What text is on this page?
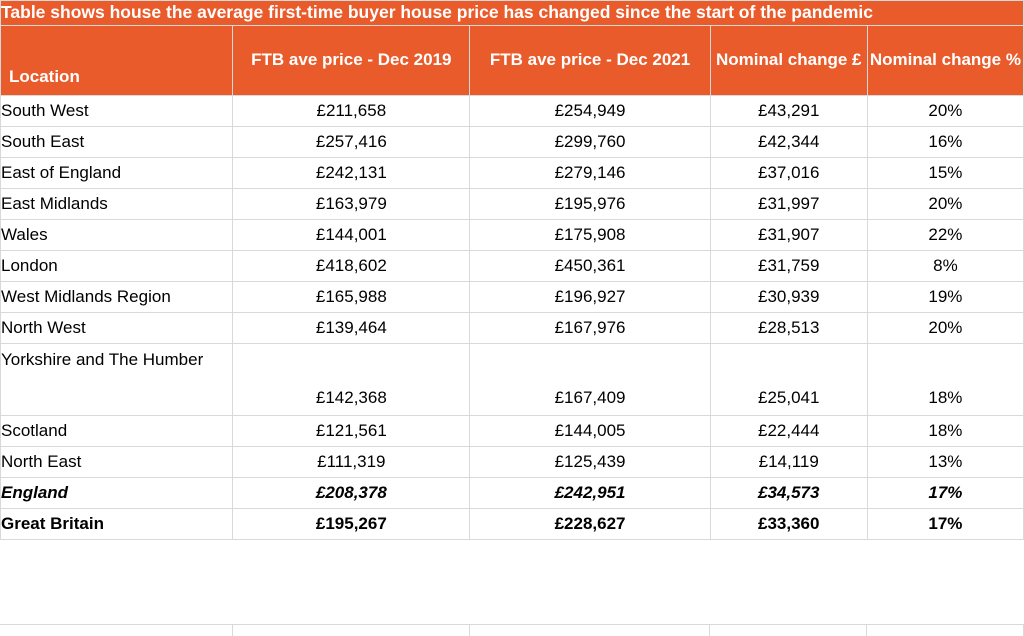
Table shows house the average first-time buyer house price has changed since the start of the pandemic				
Location	FTB ave price - Dec 2019	FTB ave price - Dec 2021	Nominal change £	Nominal change %
South West	£211,658	£254,949	£43,291	20%
South East	£257,416	£299,760	£42,344	16%
East of England	£242,131	£279,146	£37,016	15%
East Midlands	£163,979	£195,976	£31,997	20%
Wales	£144,001	£175,908	£31,907	22%
London	£418,602	£450,361	£31,759	8%
West Midlands Region	£165,988	£196,927	£30,939	19%
North West	£139,464	£167,976	£28,513	20%
Yorkshire and The Humber	£142,368	£167,409	£25,041	18%
Scotland	£121,561	£144,005	£22,444	18%
North East	£111,319	£125,439	£14,119	13%
England	£208,378	£242,951	£34,573	17%
Great Britain	£195,267	£228,627	£33,360	17%
